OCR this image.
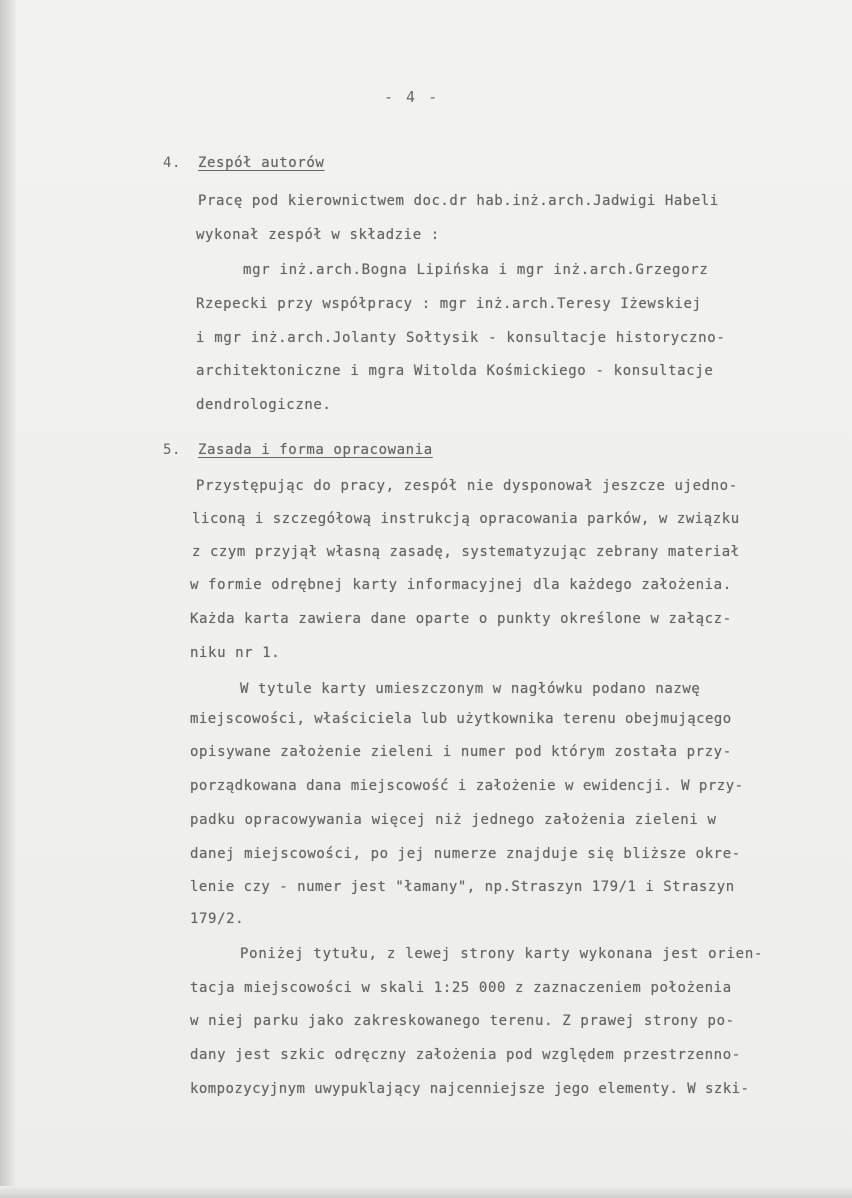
- 4 -
4. Zespół autorów
Pracę pod kierownictwem doc.dr hab.inż.arch.Jadwigi Habeli
wykonał zespół w składzie :
mgr inż.arch.Bogna Lipińska i mgr inż.arch.Grzegorz
Rzepecki przy współpracy : mgr inż.arch.Teresy Iżewskiej
i mgr inż.arch.Jolanty Sołtysik - konsultacje historyczno-
architektoniczne i mgra Witolda Kośmickiego - konsultacje
dendrologiczne.
5. Zasada i forma opracowania
Przystępując do pracy, zespół nie dysponował jeszcze ujedno-
liconą i szczegółową instrukcją opracowania parków, w związku
z czym przyjął własną zasadę, systematyzując zebrany materiał
w formie odrębnej karty informacyjnej dla każdego założenia.
Każda karta zawiera dane oparte o punkty określone w załącz-
niku nr 1.
W tytule karty umieszczonym w nagłówku podano nazwę
miejscowości, właściciela lub użytkownika terenu obejmującego
opisywane założenie zieleni i numer pod którym została przy-
porządkowana dana miejscowość i założenie w ewidencji. W przy-
padku opracowywania więcej niż jednego założenia zieleni w
danej miejscowości, po jej numerze znajduje się bliższe okre-
lenie czy - numer jest "łamany", np.Straszyn 179/1 i Straszyn
179/2.
Poniżej tytułu, z lewej strony karty wykonana jest orien-
tacja miejscowości w skali 1:25 000 z zaznaczeniem położenia
w niej parku jako zakreskowanego terenu. Z prawej strony po-
dany jest szkic odręczny założenia pod względem przestrzenno-
kompozycyjnym uwypuklający najcenniejsze jego elementy. W szki-
